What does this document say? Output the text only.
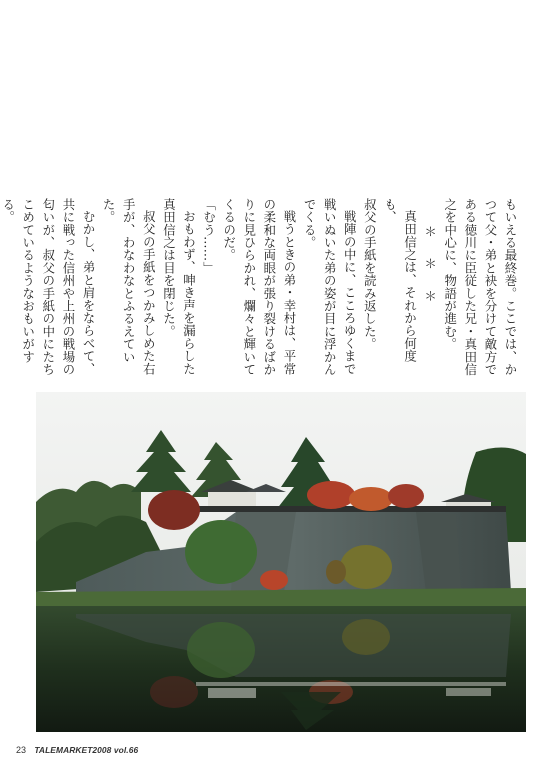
もいえる最終巻。ここでは、か

つて父・弟と袂を分けて敵方で

ある徳川に臣従した兄・真田信

之を中心に、物語が進む。

＊＊＊

真田信之は、それから何度も、

叔父の手紙を読み返した。

戦陣の中に、こころゆくまで

戦いぬいた弟の姿が目に浮かん

でくる。

戦うときの弟・幸村は、平常

の柔和な両眼が張り裂けるばか

りに見ひらかれ、爛々と輝いて

くるのだ。

「むう……」

おもわず、呻き声を漏らした

真田信之は目を閉じた。

叔父の手紙をつかみしめた右

手が、わなわなとふるえていた。

むかし、弟と肩をならべて、

共に戦った信州や上州の戦場の

匂いが、叔父の手紙の中にたち

こめているようなおもいがする。

23 TALEMARKET2008 vol.66
